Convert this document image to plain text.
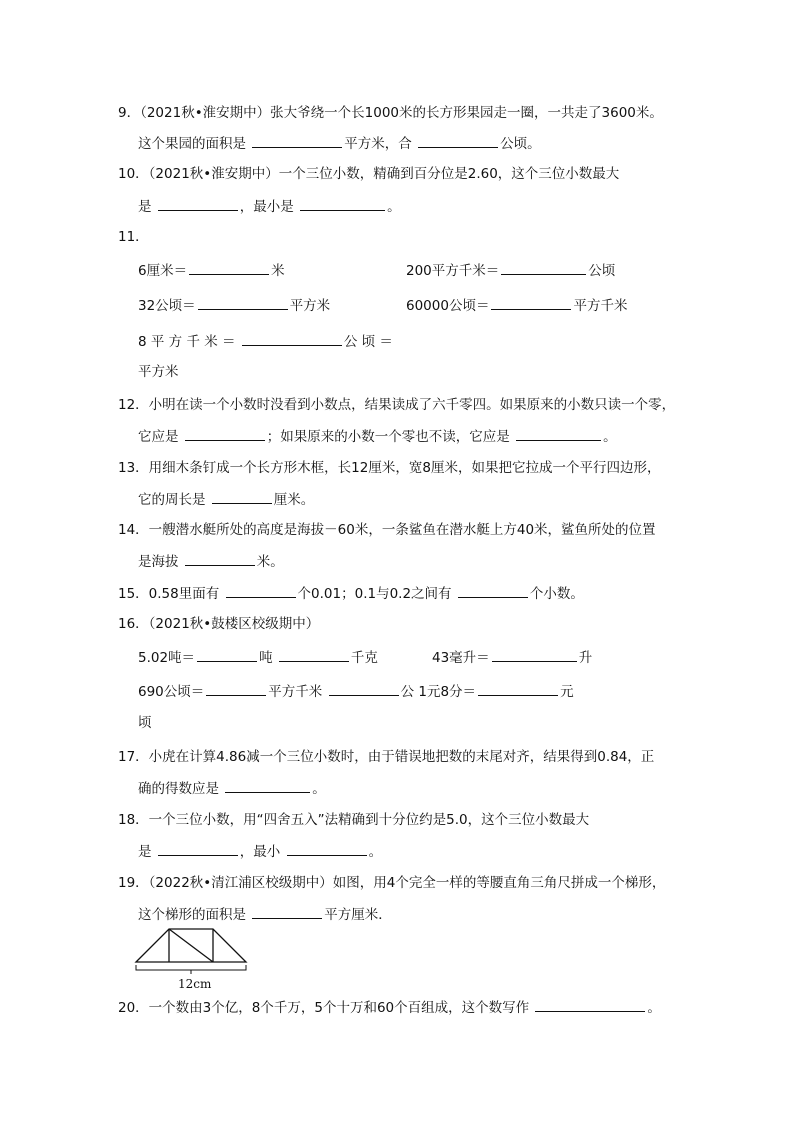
9．（2021秋•淮安期中）张大爷绕一个长1000米的长方形果园走一圈，一共走了3600米。
这个果园的面积是	平方米，合	公顷。
10．（2021秋•淮安期中）一个三位小数，精确到百分位是2.60，这个三位小数最大
是	，最小是	。
11．
6厘米＝	米	200平方千米＝	公顷
32公顷＝	平方米	60000公顷＝	平方千米
8 平 方 千 米 ＝	公 顷 ＝
平方米
12．小明在读一个小数时没看到小数点，结果读成了六千零四。如果原来的小数只读一个零，
它应是	；如果原来的小数一个零也不读，它应是	。
13．用细木条钉成一个长方形木框，长12厘米，宽8厘米，如果把它拉成一个平行四边形，
它的周长是	厘米。
14．一艘潜水艇所处的高度是海拔－60米，一条鲨鱼在潜水艇上方40米，鲨鱼所处的位置
是海拔	米。
15．0.58里面有	个0.01；0.1与0.2之间有	个小数。
16．（2021秋•鼓楼区校级期中）
5.02吨＝	吨	千克	43毫升＝	升
690公顷＝	平方千米	公 1元8分＝	元
顷
17．小虎在计算4.86减一个三位小数时，由于错误地把数的末尾对齐，结果得到0.84，正
确的得数应是	。
18．一个三位小数，用“四舍五入”法精确到十分位约是5.0，这个三位小数最大
是	，最小	。
19．（2022秋•清江浦区校级期中）如图，用4个完全一样的等腰直角三角尺拼成一个梯形，
这个梯形的面积是	平方厘米．
12cm
20．一个数由3个亿，8个千万，5个十万和60个百组成，这个数写作	。
